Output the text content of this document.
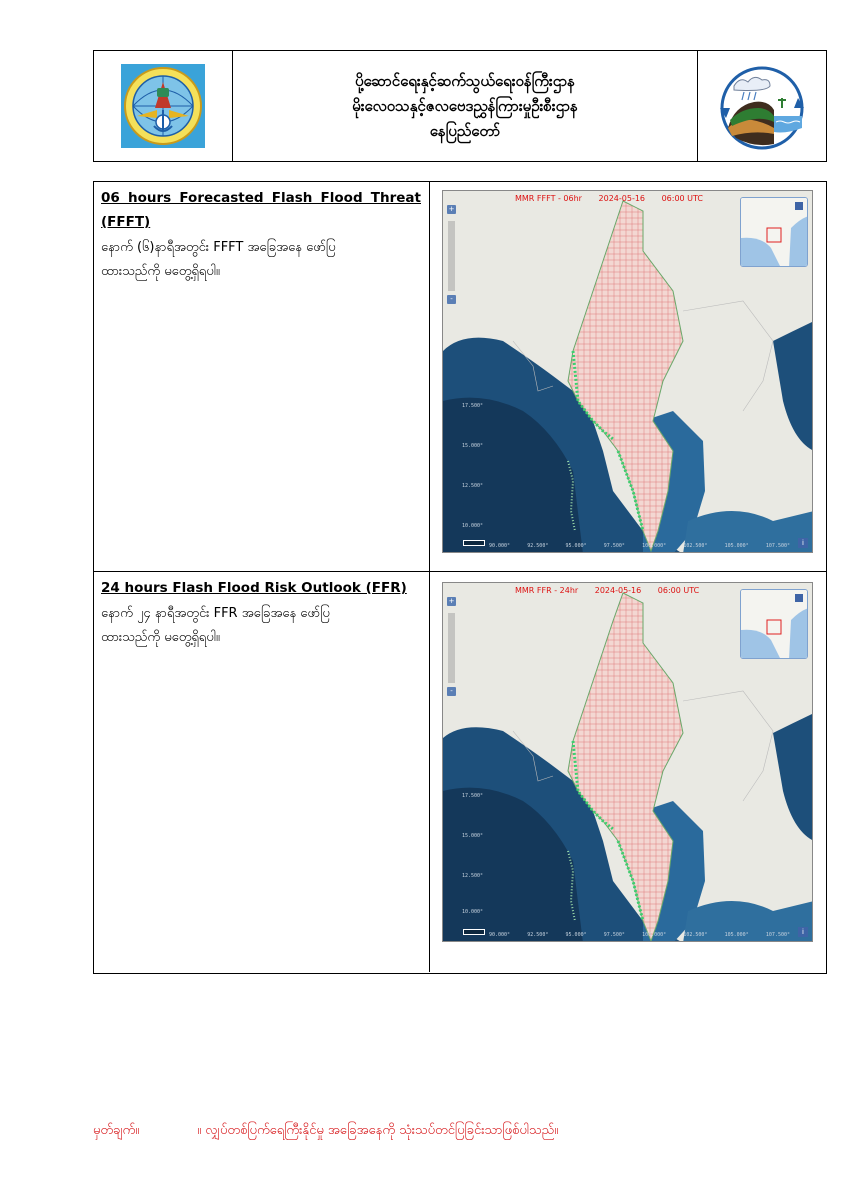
ပို့ဆောင်ရေးနှင့်ဆက်သွယ်ရေးဝန်ကြီးဌာန
မိုးလေဝသနှင့်ဇလဗေဒညွှန်ကြားမှုဦးစီးဌာန
နေပြည်တော်
06 hours Forecasted Flash Flood Threat
(FFFT)
နောက် (၆)နာရီအတွင်း FFFT အခြေအနေ ဖော်ပြ
ထားသည်ကို မတွေ့ရှိရပါ။
MMR FFFT - 06hr 2024-05-16 06:00 UTC
+
-
17.500°
15.000°
12.500°
10.000°
90.000°	92.500°	95.000°	97.500°	100.000°	102.500°	105.000°	107.500°	i
24 hours Flash Flood Risk Outlook (FFR)
နောက် ၂၄ နာရီအတွင်း FFR အခြေအနေ ဖော်ပြ
ထားသည်ကို မတွေ့ရှိရပါ။
MMR FFR - 24hr 2024-05-16 06:00 UTC
+
-
17.500°
15.000°
12.500°
10.000°
90.000°	92.500°	95.000°	97.500°	100.000°	102.500°	105.000°	107.500°	i
မှတ်ချက်။	။ လျှပ်တစ်ပြက်ရေကြီးနိုင်မှု အခြေအနေကို သုံးသပ်တင်ပြခြင်းသာဖြစ်ပါသည်။
